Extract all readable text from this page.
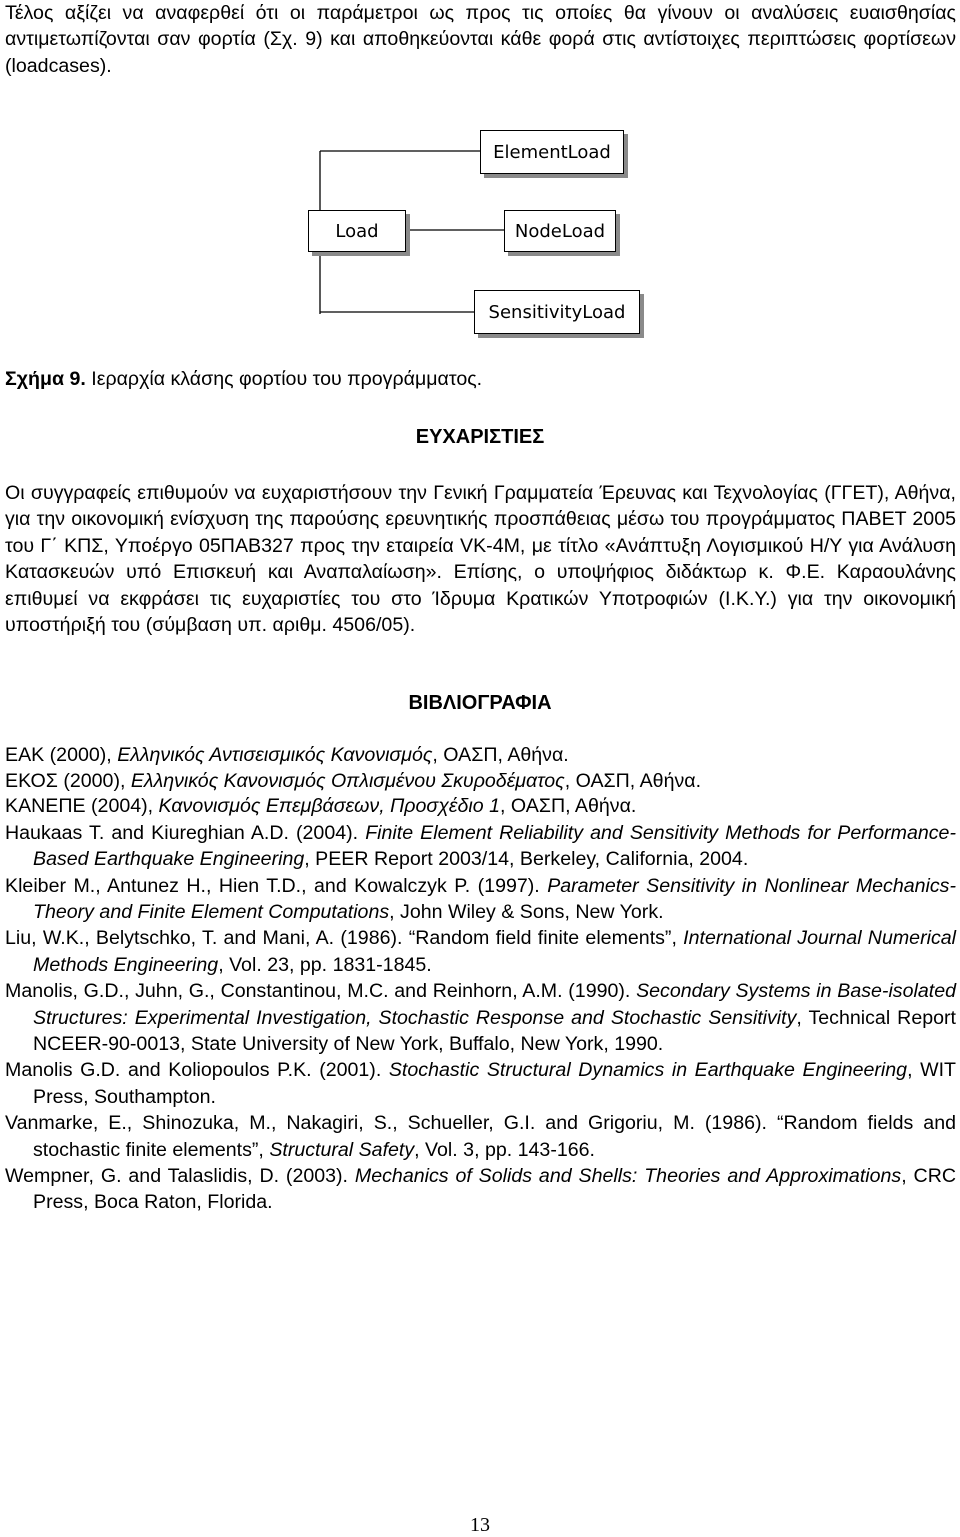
Τέλος αξίζει να αναφερθεί ότι οι παράμετροι ως προς τις οποίες θα γίνουν οι αναλύσεις ευαισθησίας αντιμετωπίζονται σαν φορτία (Σχ. 9) και αποθηκεύονται κάθε φορά στις αντίστοιχες περιπτώσεις φορτίσεων (loadcases).

ElementLoad
Load	NodeLoad
SensitivityLoad

Σχήμα 9. Ιεραρχία κλάσης φορτίου του προγράμματος.

ΕΥΧΑΡΙΣΤΙΕΣ

Οι συγγραφείς επιθυμούν να ευχαριστήσουν την Γενική Γραμματεία Έρευνας και Τεχνολογίας (ΓΓΕΤ), Αθήνα, για την οικονομική ενίσχυση της παρούσης ερευνητικής προσπάθειας μέσω του προγράμματος ΠΑΒΕΤ 2005 του Γ΄ ΚΠΣ, Υποέργο 05ΠΑΒ327 προς την εταιρεία VK-4M, με τίτλο «Ανάπτυξη Λογισμικού Η/Υ για Ανάλυση Κατασκευών υπό Επισκευή και Αναπαλαίωση». Επίσης, ο υποψήφιος διδάκτωρ κ. Φ.Ε. Καραουλάνης επιθυμεί να εκφράσει τις ευχαριστίες του στο Ίδρυμα Κρατικών Υποτροφιών (Ι.Κ.Υ.) για την οικονομική υποστήριξή του (σύμβαση υπ. αριθμ. 4506/05).

ΒΙΒΛΙΟΓΡΑΦΙΑ
ΕΑΚ (2000), Ελληνικός Αντισεισμικός Κανονισμός, ΟΑΣΠ, Αθήνα.
ΕΚΟΣ (2000), Ελληνικός Κανονισμός Οπλισμένου Σκυροδέματος, ΟΑΣΠ, Αθήνα.
ΚΑΝΕΠΕ (2004), Κανονισμός Επεμβάσεων, Προσχέδιο 1, ΟΑΣΠ, Αθήνα.
Haukaas T. and Kiureghian A.D. (2004). Finite Element Reliability and Sensitivity Methods for Performance-Based Earthquake Engineering, PEER Report 2003/14, Berkeley, California, 2004.
Kleiber M., Antunez H., Hien T.D., and Kowalczyk P. (1997). Parameter Sensitivity in Nonlinear Mechanics-Theory and Finite Element Computations, John Wiley & Sons, New York.
Liu, W.K., Belytschko, T. and Mani, A. (1986). “Random field finite elements”, International Journal Numerical Methods Engineering, Vol. 23, pp. 1831-1845.
Manolis, G.D., Juhn, G., Constantinou, M.C. and Reinhorn, A.M. (1990). Secondary Systems in Base-isolated Structures: Experimental Investigation, Stochastic Response and Stochastic Sensitivity, Technical Report NCEER-90-0013, State University of New York, Buffalo, New York, 1990.
Manolis G.D. and Koliopoulos P.K. (2001). Stochastic Structural Dynamics in Earthquake Engineering, WIT Press, Southampton.
Vanmarke, E., Shinozuka, M., Nakagiri, S., Schueller, G.I. and Grigoriu, M. (1986). “Random fields and stochastic finite elements”, Structural Safety, Vol. 3, pp. 143-166.
Wempner, G. and Talaslidis, D. (2003). Mechanics of Solids and Shells: Theories and Approximations, CRC Press, Boca Raton, Florida.

13
